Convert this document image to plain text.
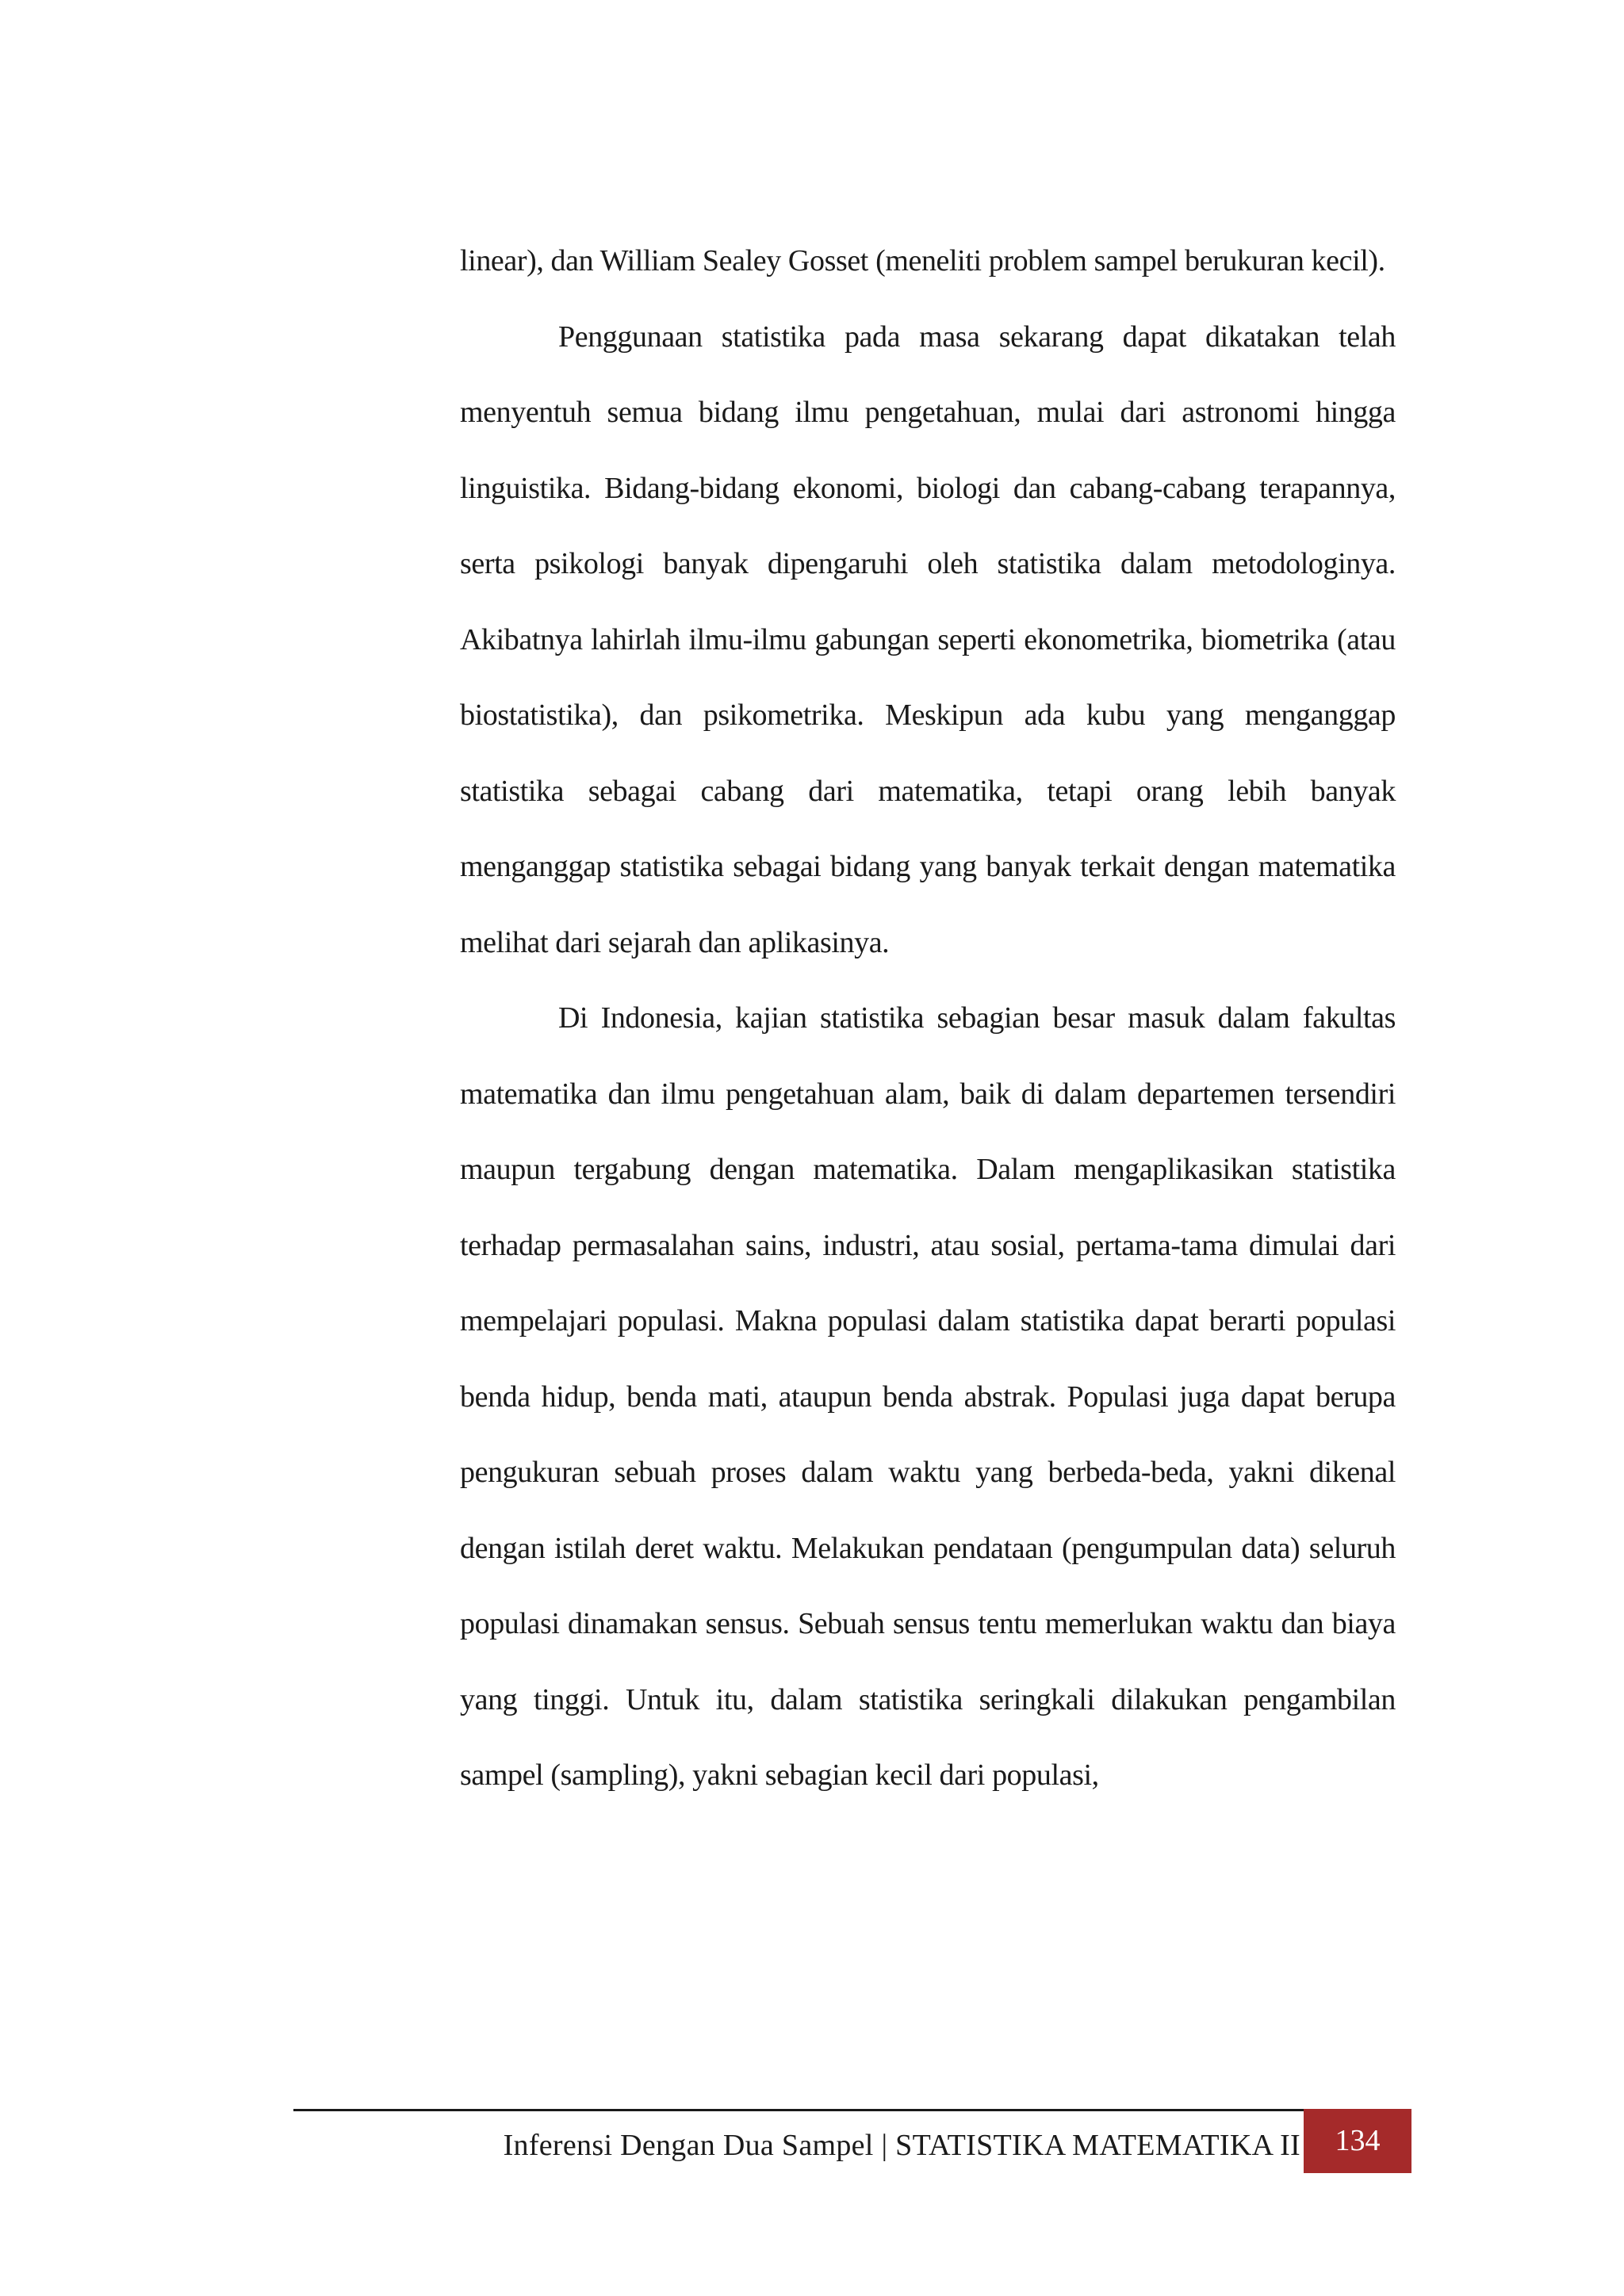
linear), dan William Sealey Gosset (meneliti problem sampel berukuran kecil).

Penggunaan statistika pada masa sekarang dapat dikatakan telah menyentuh semua bidang ilmu pengetahuan, mulai dari astronomi hingga linguistika. Bidang-bidang ekonomi, biologi dan cabang-cabang terapannya, serta psikologi banyak dipengaruhi oleh statistika dalam metodologinya. Akibatnya lahirlah ilmu-ilmu gabungan seperti ekonometrika, biometrika (atau biostatistika), dan psikometrika. Meskipun ada kubu yang menganggap statistika sebagai cabang dari matematika, tetapi orang lebih banyak menganggap statistika sebagai bidang yang banyak terkait dengan matematika melihat dari sejarah dan aplikasinya.

Di Indonesia, kajian statistika sebagian besar masuk dalam fakultas matematika dan ilmu pengetahuan alam, baik di dalam departemen tersendiri maupun tergabung dengan matematika. Dalam mengaplikasikan statistika terhadap permasalahan sains, industri, atau sosial, pertama-tama dimulai dari mempelajari populasi. Makna populasi dalam statistika dapat berarti populasi benda hidup, benda mati, ataupun benda abstrak. Populasi juga dapat berupa pengukuran sebuah proses dalam waktu yang berbeda-beda, yakni dikenal dengan istilah deret waktu. Melakukan pendataan (pengumpulan data) seluruh populasi dinamakan sensus. Sebuah sensus tentu memerlukan waktu dan biaya yang tinggi. Untuk itu, dalam statistika seringkali dilakukan pengambilan sampel (sampling), yakni sebagian kecil dari populasi,

Inferensi Dengan Dua Sampel | STATISTIKA MATEMATIKA II	134
